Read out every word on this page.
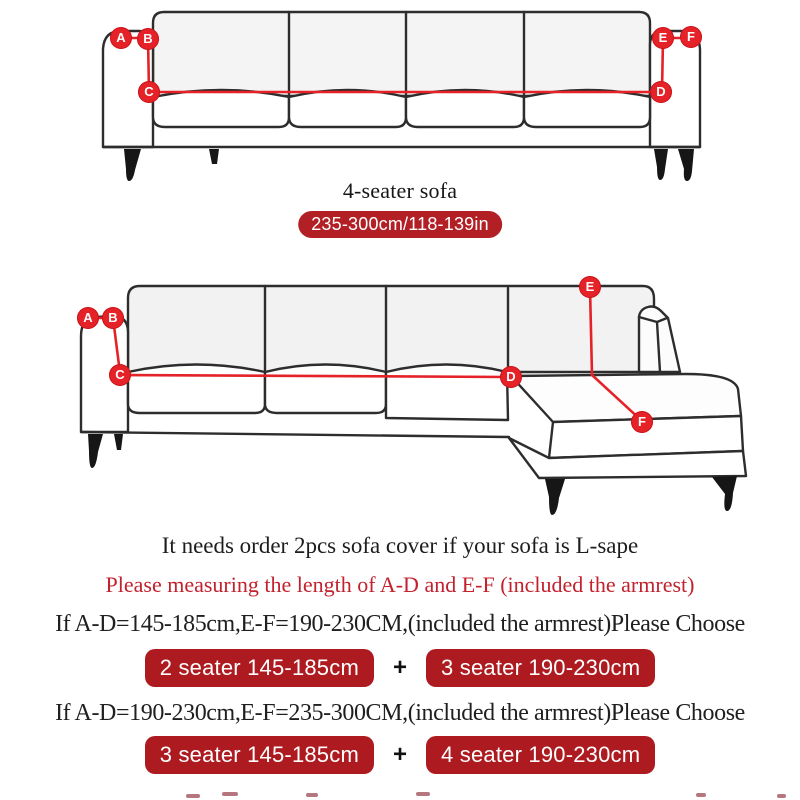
A	B
C	D
E	F
A	B
C	D
E
F
4-seater sofa
235-300cm/118-139in
It needs order 2pcs sofa cover if your sofa is L-sape
Please measuring the length of A-D and E-F (included the armrest)
If A-D=145-185cm,E-F=190-230CM,(included the armrest)Please Choose
2 seater 145-185cm	+	3 seater 190-230cm
If A-D=190-230cm,E-F=235-300CM,(included the armrest)Please Choose
3 seater 145-185cm	+	4 seater 190-230cm
